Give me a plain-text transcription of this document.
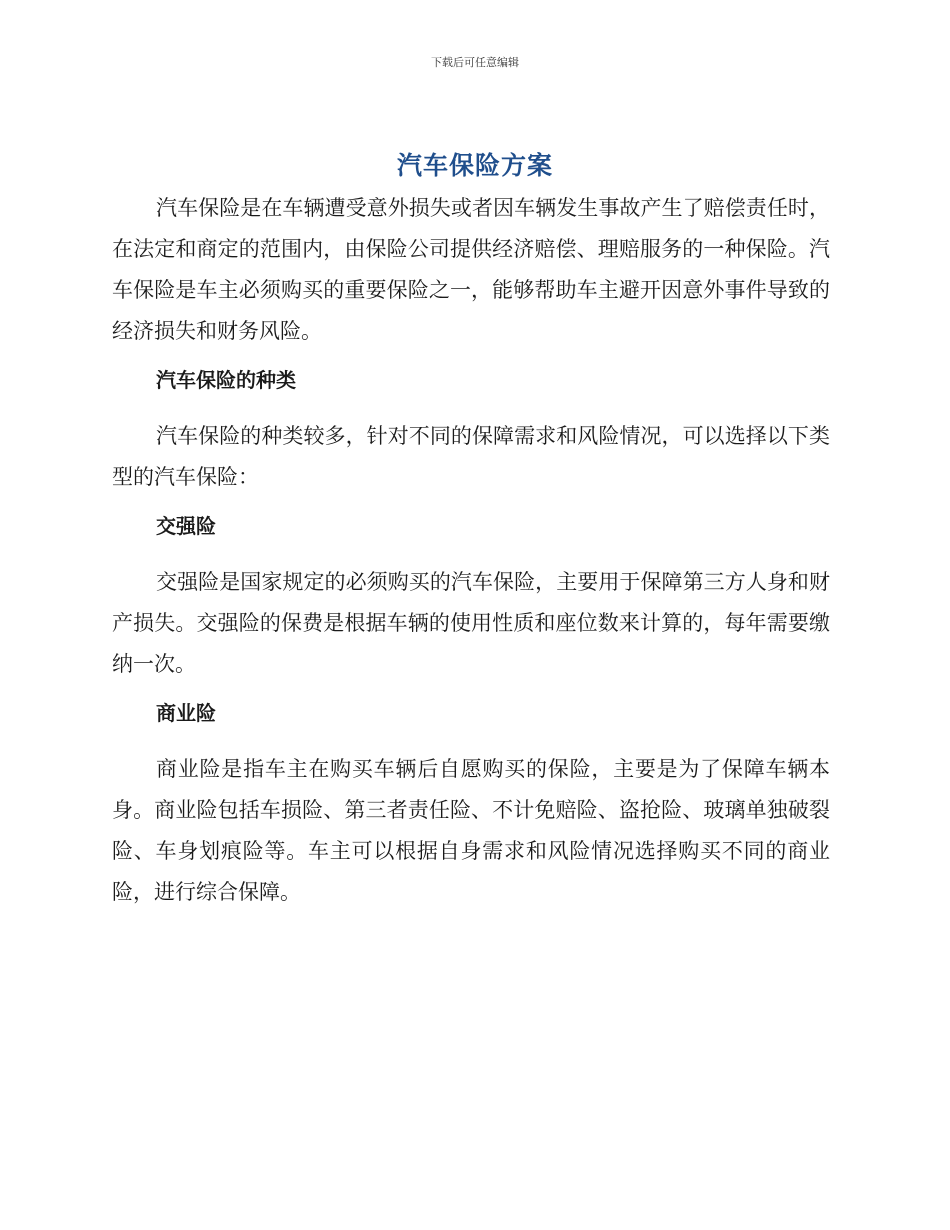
下载后可任意编辑
汽车保险方案

汽车保险是在车辆遭受意外损失或者因车辆发生事故产生了赔偿责任时，在法定和商定的范围内，由保险公司提供经济赔偿、理赔服务的一种保险。汽车保险是车主必须购买的重要保险之一，能够帮助车主避开因意外事件导致的经济损失和财务风险。

汽车保险的种类

汽车保险的种类较多，针对不同的保障需求和风险情况，可以选择以下类型的汽车保险：

交强险

交强险是国家规定的必须购买的汽车保险，主要用于保障第三方人身和财产损失。交强险的保费是根据车辆的使用性质和座位数来计算的，每年需要缴纳一次。

商业险

商业险是指车主在购买车辆后自愿购买的保险，主要是为了保障车辆本身。商业险包括车损险、第三者责任险、不计免赔险、盗抢险、玻璃单独破裂险、车身划痕险等。车主可以根据自身需求和风险情况选择购买不同的商业险，进行综合保障。
